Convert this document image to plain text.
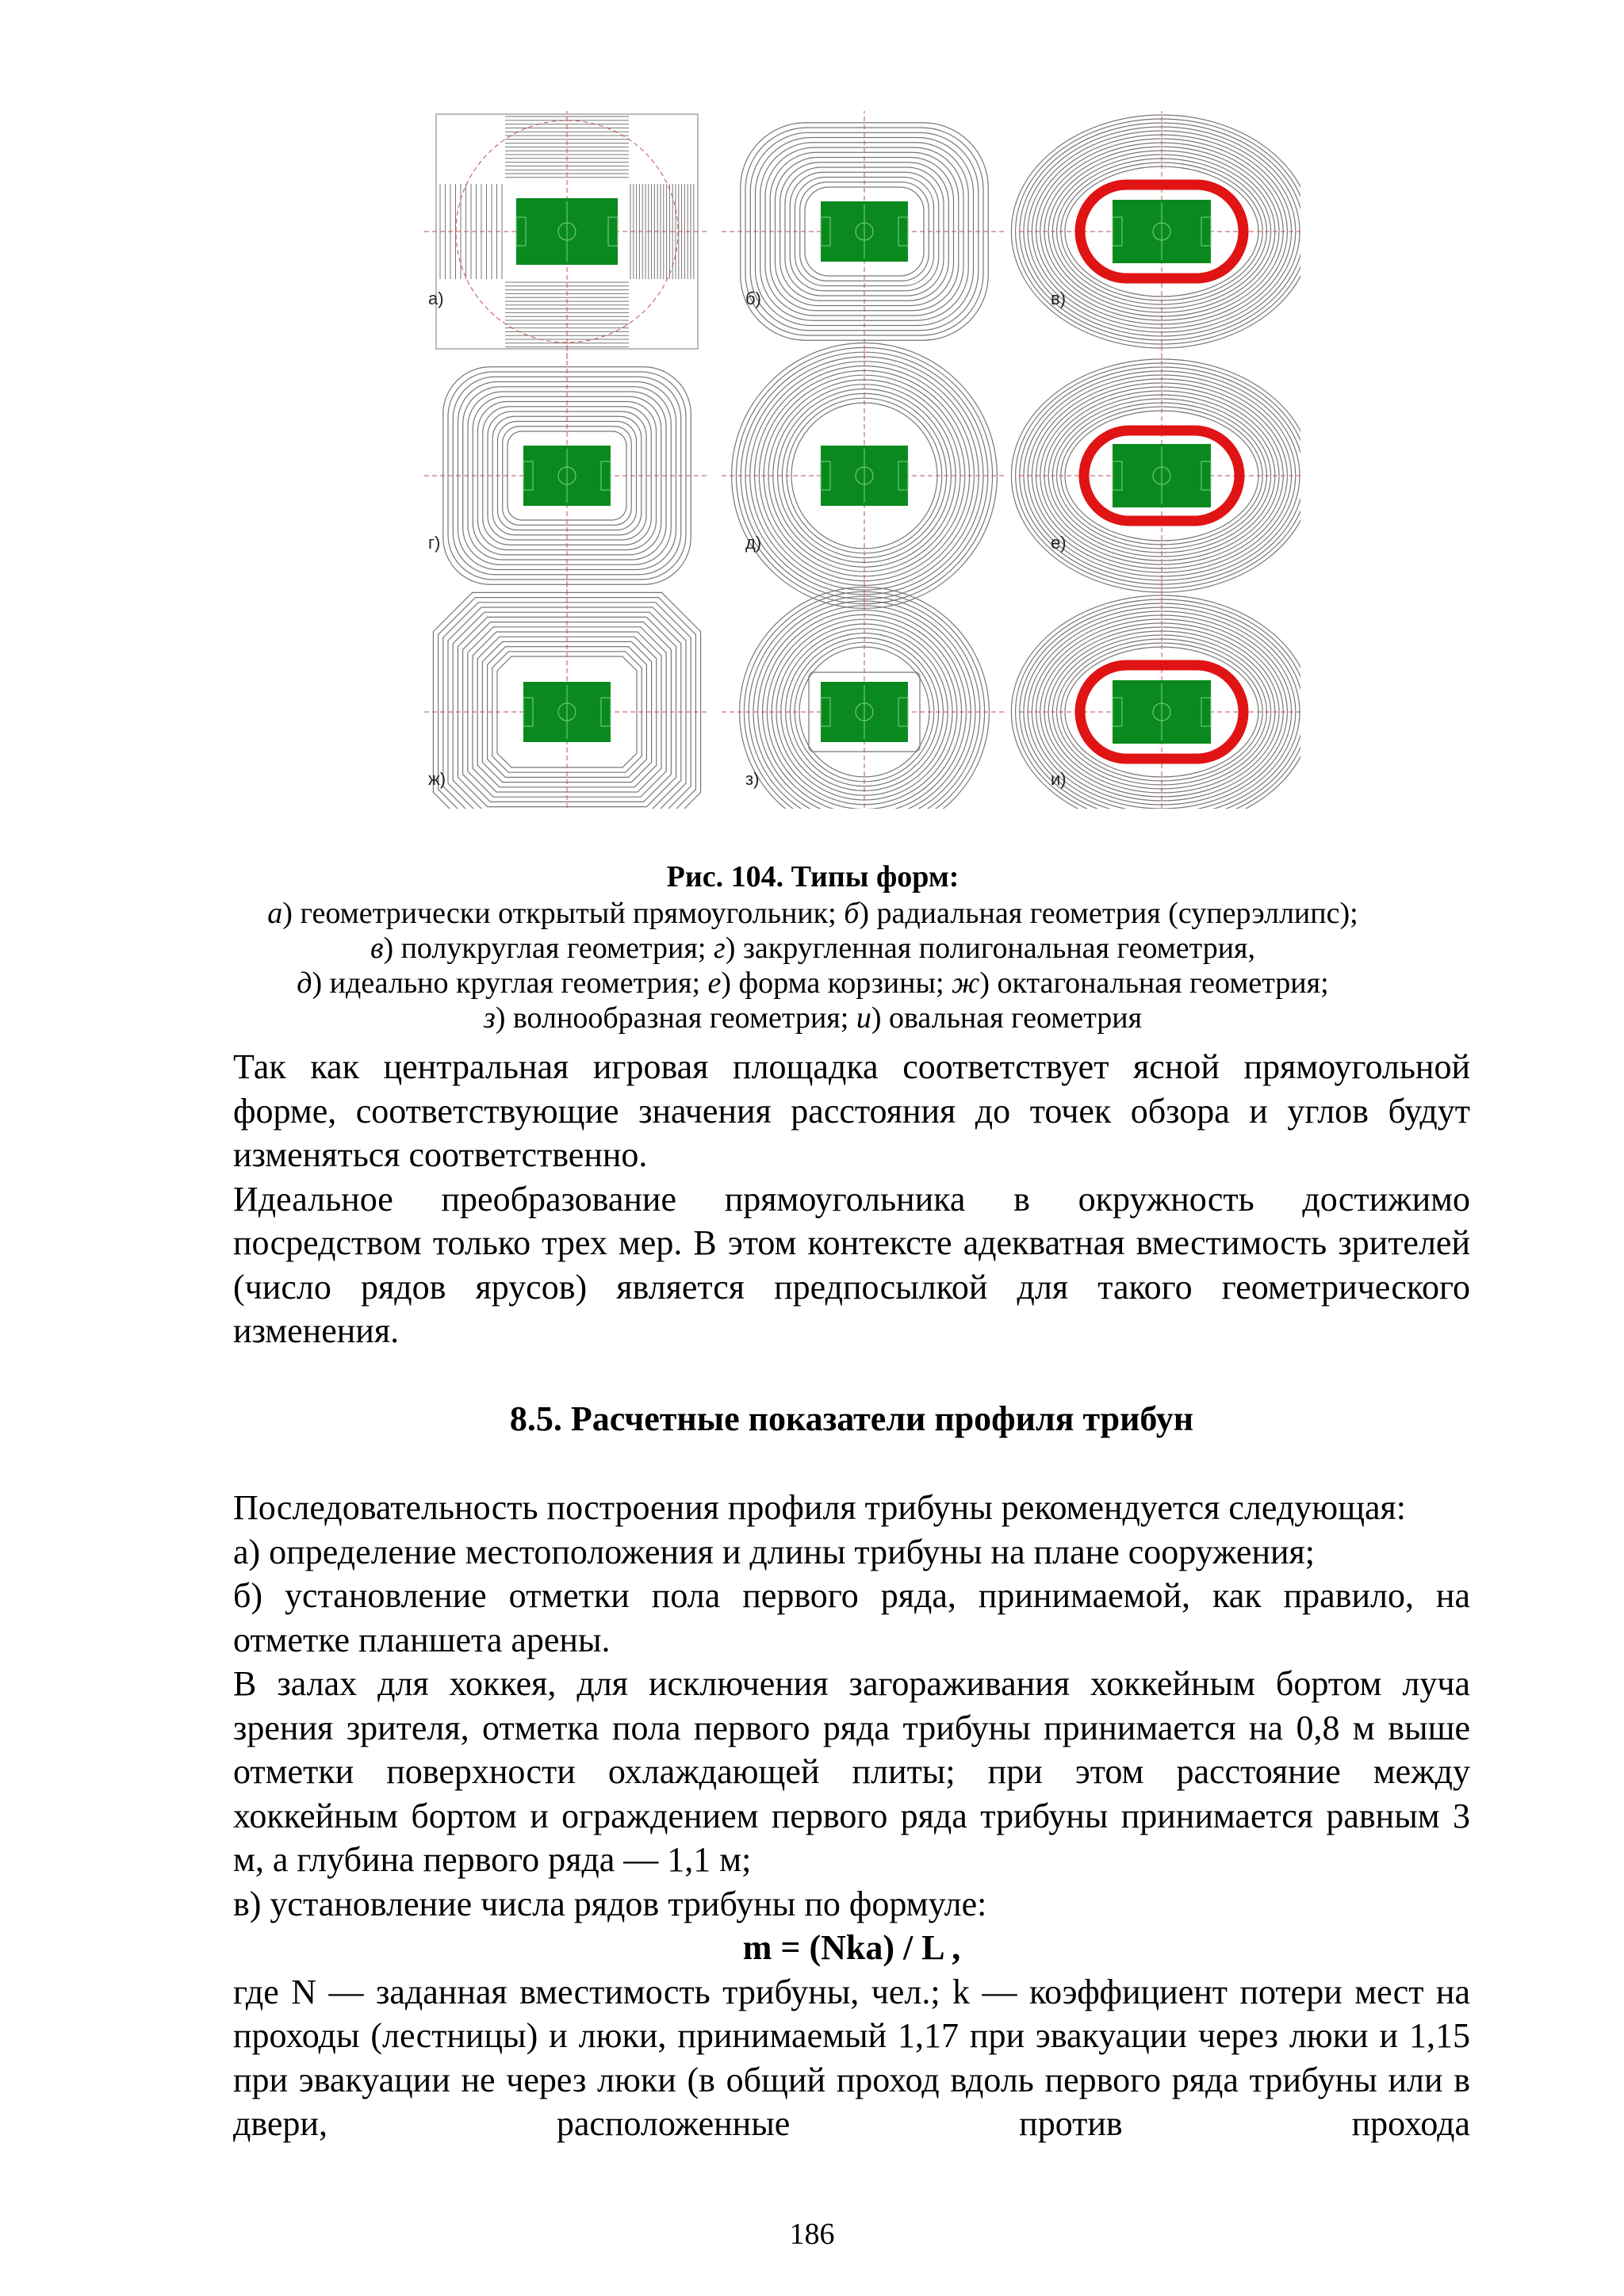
а)	б)	в)
г)	д)	е)
ж)	з)	и)
Рис. 104. Типы форм:
а) геометрически открытый прямоугольник; б) радиальная геометрия (суперэллипс);
в) полукруглая геометрия; г) закругленная полигональная геометрия,
д) идеально круглая геометрия; е) форма корзины; ж) октагональная геометрия;
з) волнообразная геометрия; и) овальная геометрия

Так как центральная игровая площадка соответствует ясной прямоугольной форме, соответствующие значения расстояния до точек обзора и углов будут изменяться соответственно.

Идеальное преобразование прямоугольника в окружность достижимо посредством только трех мер. В этом контексте адекватная вместимость зрителей (число рядов ярусов) является предпосылкой для такого геометрического изменения.

8.5. Расчетные показатели профиля трибун

Последовательность построения профиля трибуны рекомендуется следующая:

а) определение местоположения и длины трибуны на плане сооружения;

б) установление отметки пола первого ряда, принимаемой, как правило, на отметке планшета арены.

В залах для хоккея, для исключения загораживания хоккейным бортом луча зрения зрителя, отметка пола первого ряда трибуны принимается на 0,8 м выше отметки поверхности охлаждающей плиты; при этом расстояние между хоккейным бортом и ограждением первого ряда трибуны принимается равным 3 м, а глубина первого ряда — 1,1 м;

в) установление числа рядов трибуны по формуле:

m = (Nka) / L ,

где N — заданная вместимость трибуны, чел.; k — коэффициент потери мест на проходы (лестницы) и люки, принимаемый 1,17 при эвакуации через люки и 1,15 при эвакуации не через люки (в общий проход вдоль первого ряда трибуны или в двери, расположенные против прохода

186
